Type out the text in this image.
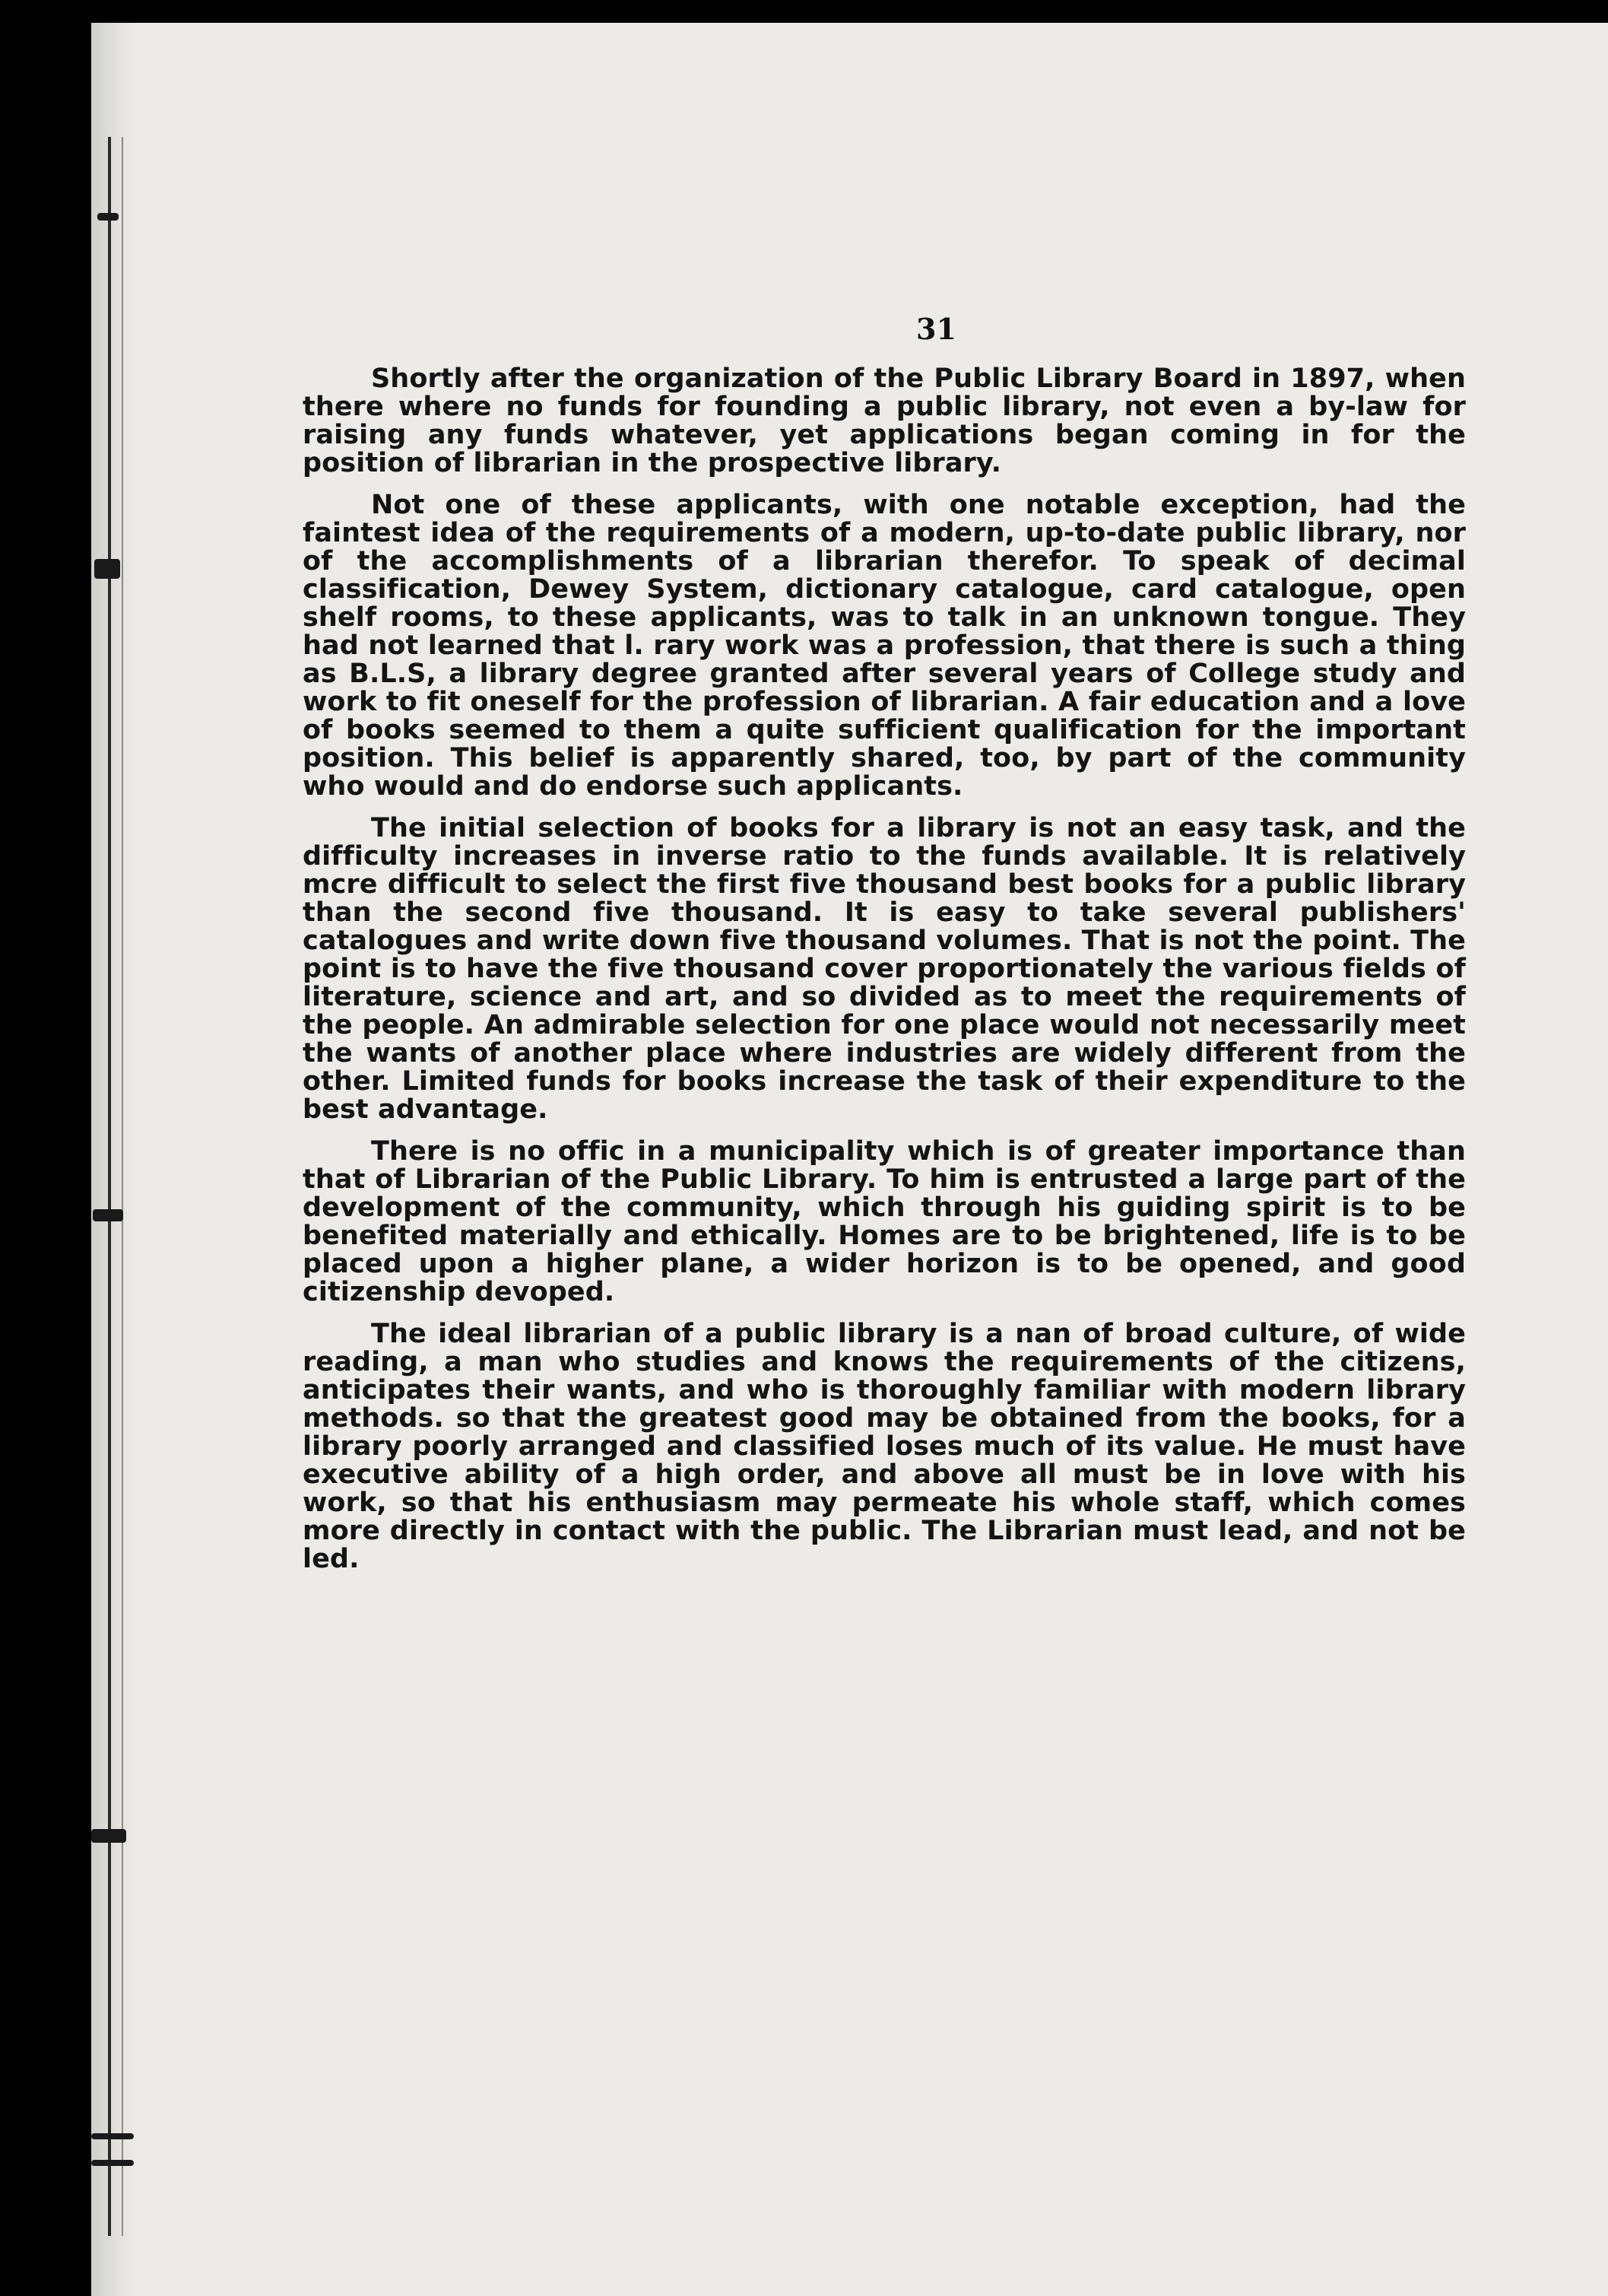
31

Shortly after the organization of the Public Library Board in 1897, when there where no funds for founding a public library, not even a by-law for raising any funds whatever, yet applications began coming in for the position of librarian in the prospective library.

Not one of these applicants, with one notable exception, had the faintest idea of the requirements of a modern, up-to-date public library, nor of the accomplishments of a librarian therefor. To speak of decimal classification, Dewey System, dictionary catalogue, card catalogue, open shelf rooms, to these applicants, was to talk in an unknown tongue. They had not learned that l. rary work was a profession, that there is such a thing as B.L.S, a library degree granted after several years of College study and work to fit oneself for the profession of librarian. A fair education and a love of books seemed to them a quite sufficient qualification for the important position. This belief is apparently shared, too, by part of the community who would and do endorse such applicants.

The initial selection of books for a library is not an easy task, and the difficulty increases in inverse ratio to the funds available. It is relatively mcre difficult to select the first five thousand best books for a public library than the second five thousand. It is easy to take several publishers' catalogues and write down five thousand volumes. That is not the point. The point is to have the five thousand cover proportionately the various fields of literature, science and art, and so divided as to meet the requirements of the people. An admirable selection for one place would not necessarily meet the wants of another place where industries are widely different from the other. Limited funds for books increase the task of their expenditure to the best advantage.

There is no offic in a municipality which is of greater importance than that of Librarian of the Public Library. To him is entrusted a large part of the development of the community, which through his guiding spirit is to be benefited materially and ethically. Homes are to be brightened, life is to be placed upon a higher plane, a wider horizon is to be opened, and good citizenship devoped.

The ideal librarian of a public library is a nan of broad culture, of wide reading, a man who studies and knows the requirements of the citizens, anticipates their wants, and who is thoroughly familiar with modern library methods. so that the greatest good may be obtained from the books, for a library poorly arranged and classified loses much of its value. He must have executive ability of a high order, and above all must be in love with his work, so that his enthusiasm may permeate his whole staff, which comes more directly in contact with the public. The Librarian must lead, and not be led.
